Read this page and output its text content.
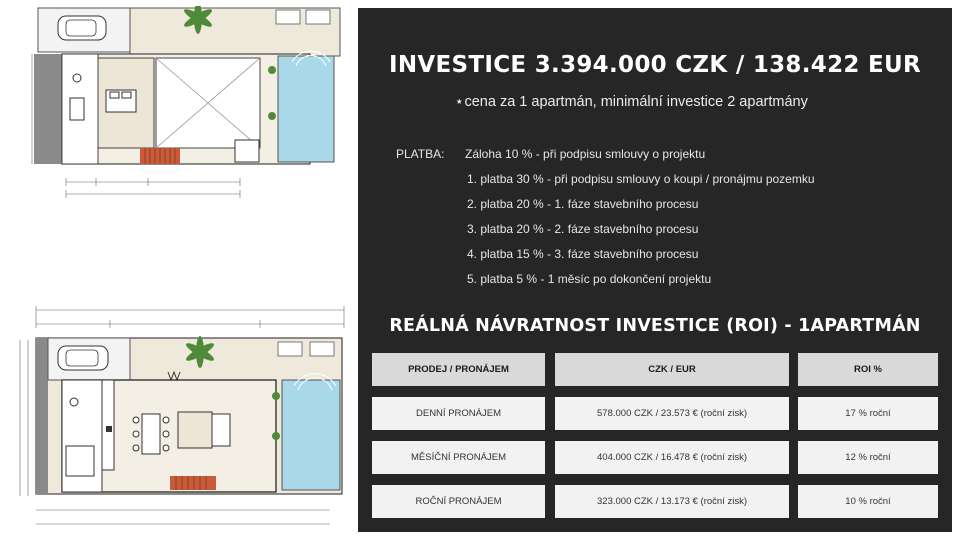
INVESTICE 3.394.000 CZK / 138.422 EUR
⭑ cena za 1 apartmán, minimální investice 2 apartmány
PLATBA: Záloha 10 % - při podpisu smlouvy o projektu
1. platba 30 % - při podpisu smlouvy o koupi / pronájmu pozemku
2. platba 20 % - 1. fáze stavebního procesu
3. platba 20 % - 2. fáze stavebního procesu
4. platba 15 % - 3. fáze stavebního procesu
5. platba 5 % - 1 měsíc po dokončení projektu
REÁLNÁ NÁVRATNOST INVESTICE (ROI) - 1APARTMÁN
PRODEJ / PRONÁJEM	CZK / EUR	ROI %
DENNÍ PRONÁJEM	578.000 CZK / 23.573 € (roční zisk)	17 % roční
MĚSÍČNÍ PRONÁJEM	404.000 CZK / 16.478 € (roční zisk)	12 % roční
ROČNÍ PRONÁJEM	323.000 CZK / 13.173 € (roční zisk)	10 % roční
